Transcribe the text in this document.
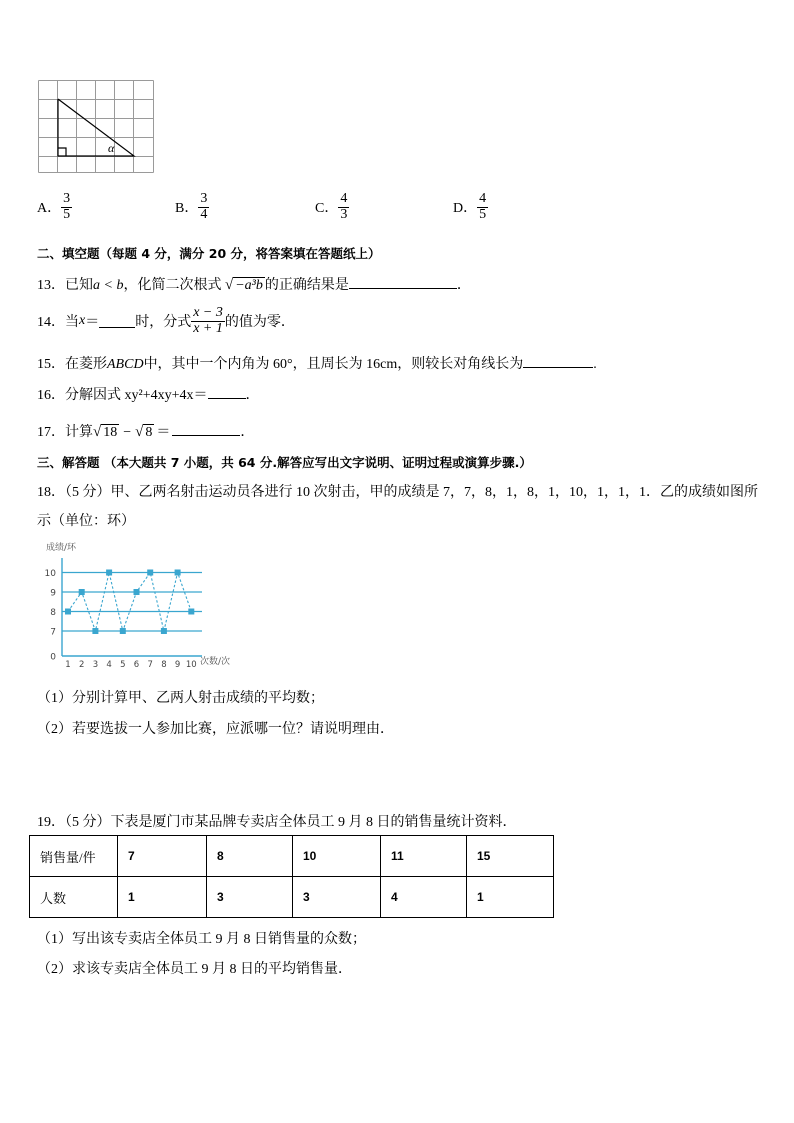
α
A． $\frac{3}{5}$	B． $\frac{3}{4}$	C． $\frac{4}{3}$	D． $\frac{4}{5}$
二、填空题（每题 4 分，满分 20 分，将答案填在答题纸上）
13．已知a < b，化简二次根式 √ −a³b 的正确结果是	．
14．当x＝	时，分式 $\frac{x - 3}{x + 1}$ 的值为零．
15．在菱形ABCD中，其中一个内角为 60°，且周长为 16cm，则较长对角线长为	.
16．分解因式 xy²+4xy+4x＝	．
17．计算√ 18 − √ 8 ＝	．
三、解答题 （本大题共 7 小题，共 64 分.解答应写出文字说明、证明过程或演算步骤.）
18．（5 分）甲、乙两名射击运动员各进行 10 次射击，甲的成绩是 7，7，8，1，8，1，10，1，1，1．乙的成绩如图所
示（单位：环）
成绩/环
次数/次
0
7
8
9
10
1 2 3 4 5 6 7 8 9 10
（1）分别计算甲、乙两人射击成绩的平均数；
（2）若要选拔一人参加比赛，应派哪一位？请说明理由．
19．（5 分）下表是厦门市某品牌专卖店全体员工 9 月 8 日的销售量统计资料．
销售量/件	7	8	10	11	15
人数	1	3	3	4	1
（1）写出该专卖店全体员工 9 月 8 日销售量的众数；
（2）求该专卖店全体员工 9 月 8 日的平均销售量．
